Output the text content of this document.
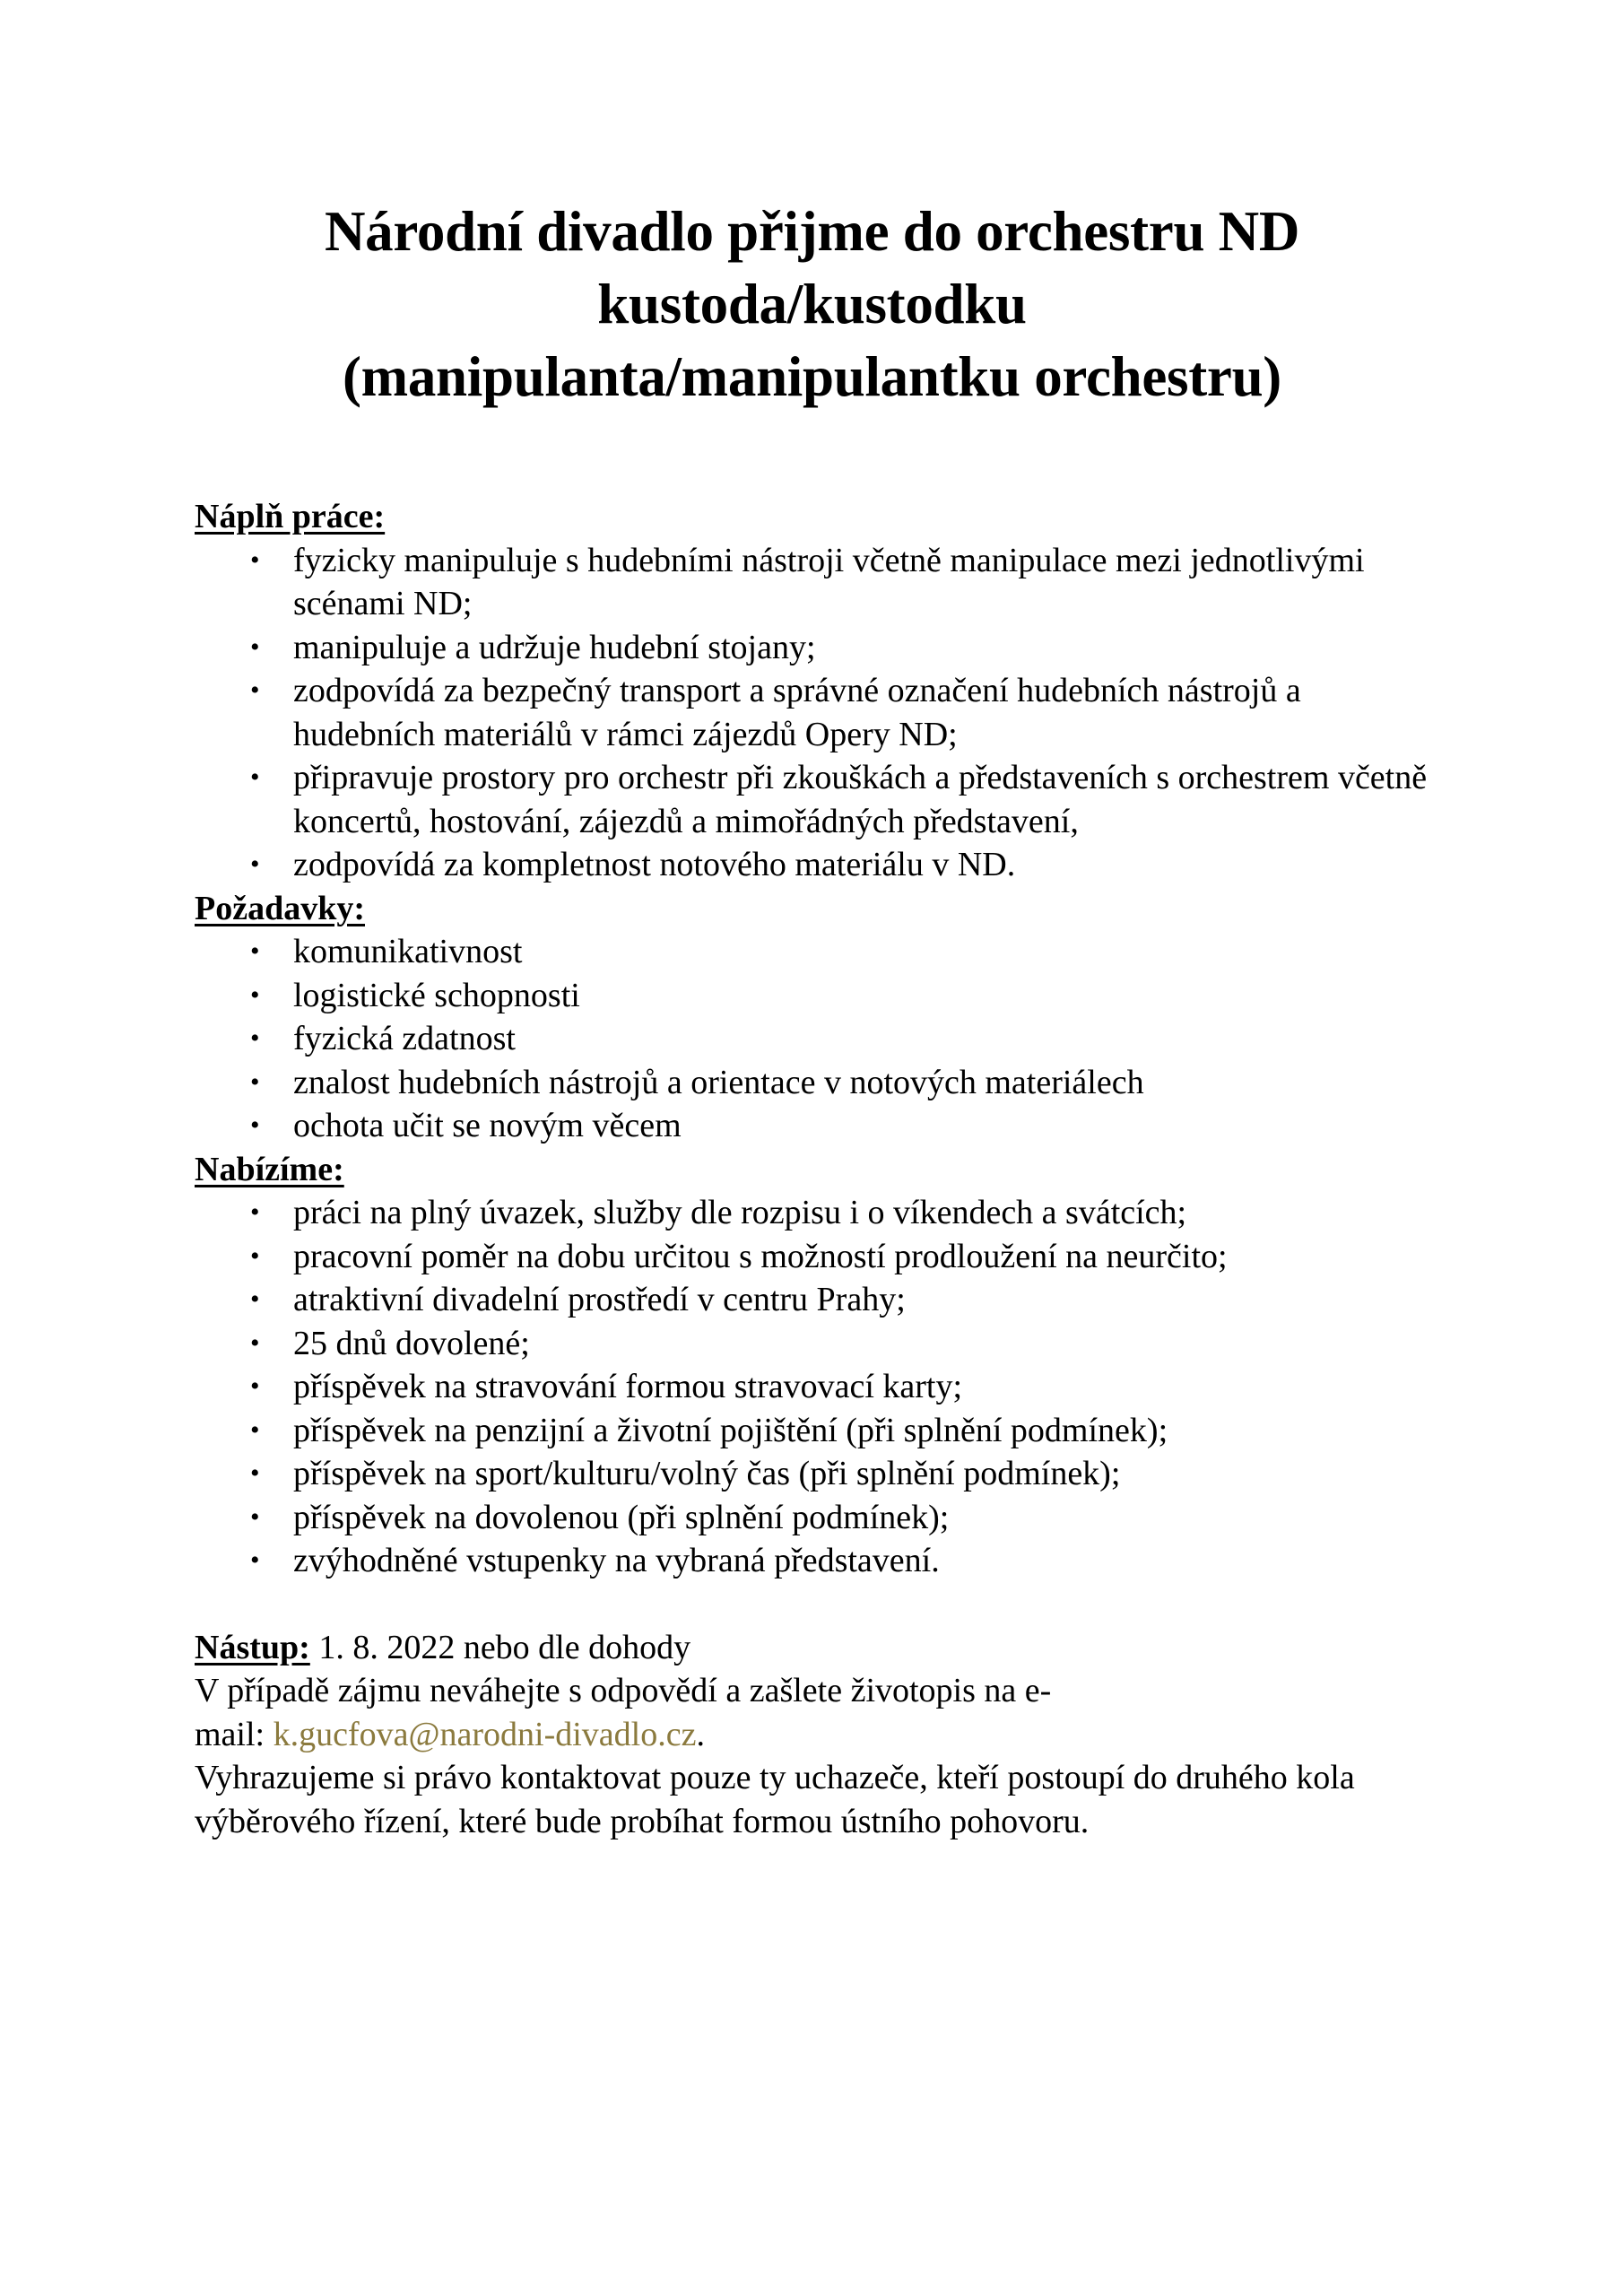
Národní divadlo přijme do orchestru ND
kustoda/kustodku
(manipulanta/manipulantku orchestru)
Náplň práce:
• fyzicky manipuluje s hudebními nástroji včetně manipulace mezi jednotlivými scénami ND;
• manipuluje a udržuje hudební stojany;
• zodpovídá za bezpečný transport a správné označení hudebních nástrojů a hudebních materiálů v rámci zájezdů Opery ND;
• připravuje prostory pro orchestr při zkouškách a představeních s orchestrem včetně koncertů, hostování, zájezdů a mimořádných představení,
• zodpovídá za kompletnost notového materiálu v ND.
Požadavky:
• komunikativnost
• logistické schopnosti
• fyzická zdatnost
• znalost hudebních nástrojů a orientace v notových materiálech
• ochota učit se novým věcem
Nabízíme:
• práci na plný úvazek, služby dle rozpisu i o víkendech a svátcích;
• pracovní poměr na dobu určitou s možností prodloužení na neurčito;
• atraktivní divadelní prostředí v centru Prahy;
• 25 dnů dovolené;
• příspěvek na stravování formou stravovací karty;
• příspěvek na penzijní a životní pojištění (při splnění podmínek);
• příspěvek na sport/kulturu/volný čas (při splnění podmínek);
• příspěvek na dovolenou (při splnění podmínek);
• zvýhodněné vstupenky na vybraná představení.

Nástup: 1. 8. 2022 nebo dle dohody

V případě zájmu neváhejte s odpovědí a zašlete životopis na e-

mail: k.gucfova@narodni-divadlo.cz.

Vyhrazujeme si právo kontaktovat pouze ty uchazeče, kteří postoupí do druhého kola výběrového řízení, které bude probíhat formou ústního pohovoru.
